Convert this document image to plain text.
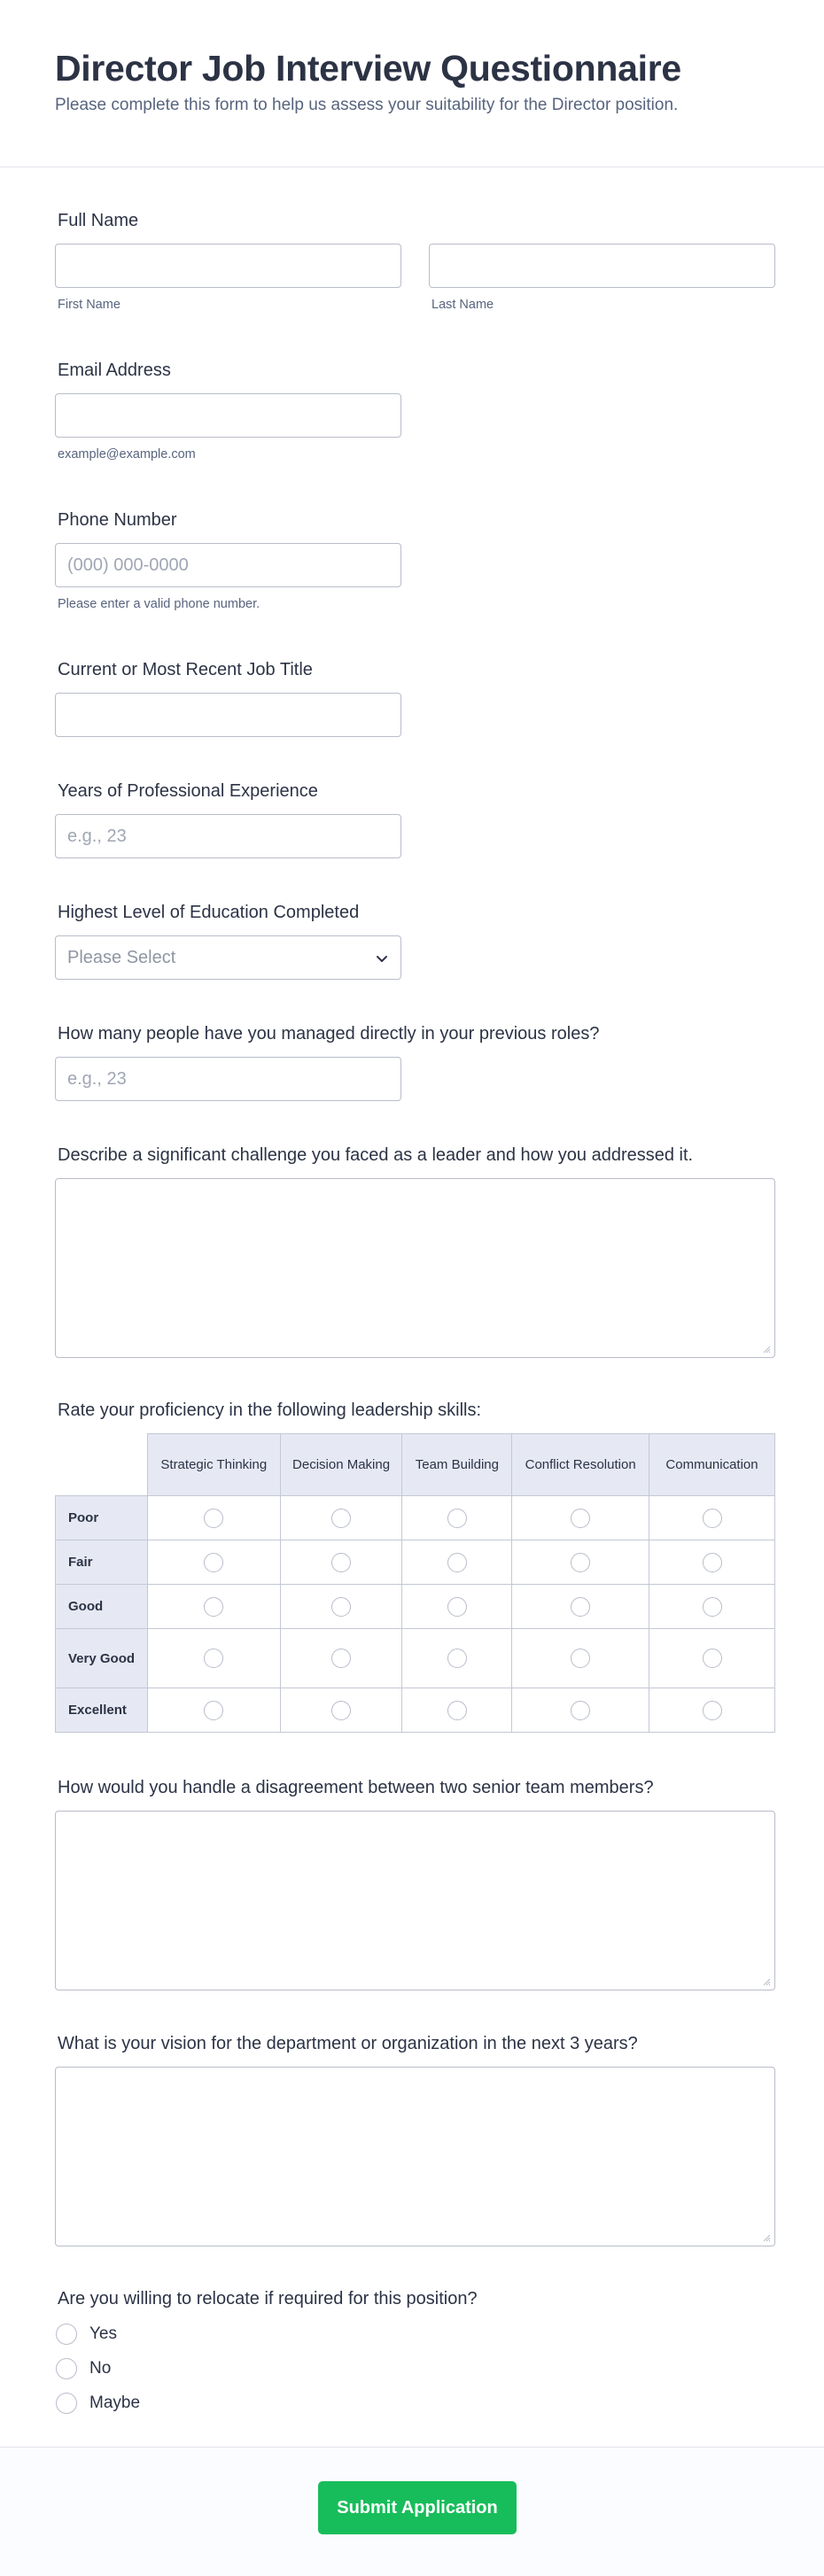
Director Job Interview Questionnaire

Please complete this form to help us assess your suitability for the Director position.

Full Name
First Name	Last Name
Email Address
example@example.com
Phone Number
(000) 000-0000
Please enter a valid phone number.
Current or Most Recent Job Title
Years of Professional Experience
e.g., 23
Highest Level of Education Completed
Please Select
How many people have you managed directly in your previous roles?
e.g., 23
Describe a significant challenge you faced as a leader and how you addressed it.
Rate your proficiency in the following leadership skills:
	Strategic Thinking	Decision Making	Team Building	Conflict Resolution	Communication
Poor					
Fair					
Good					
Very Good					
Excellent					
How would you handle a disagreement between two senior team members?
What is your vision for the department or organization in the next 3 years?
Are you willing to relocate if required for this position?
Yes
No
Maybe
Submit Application
